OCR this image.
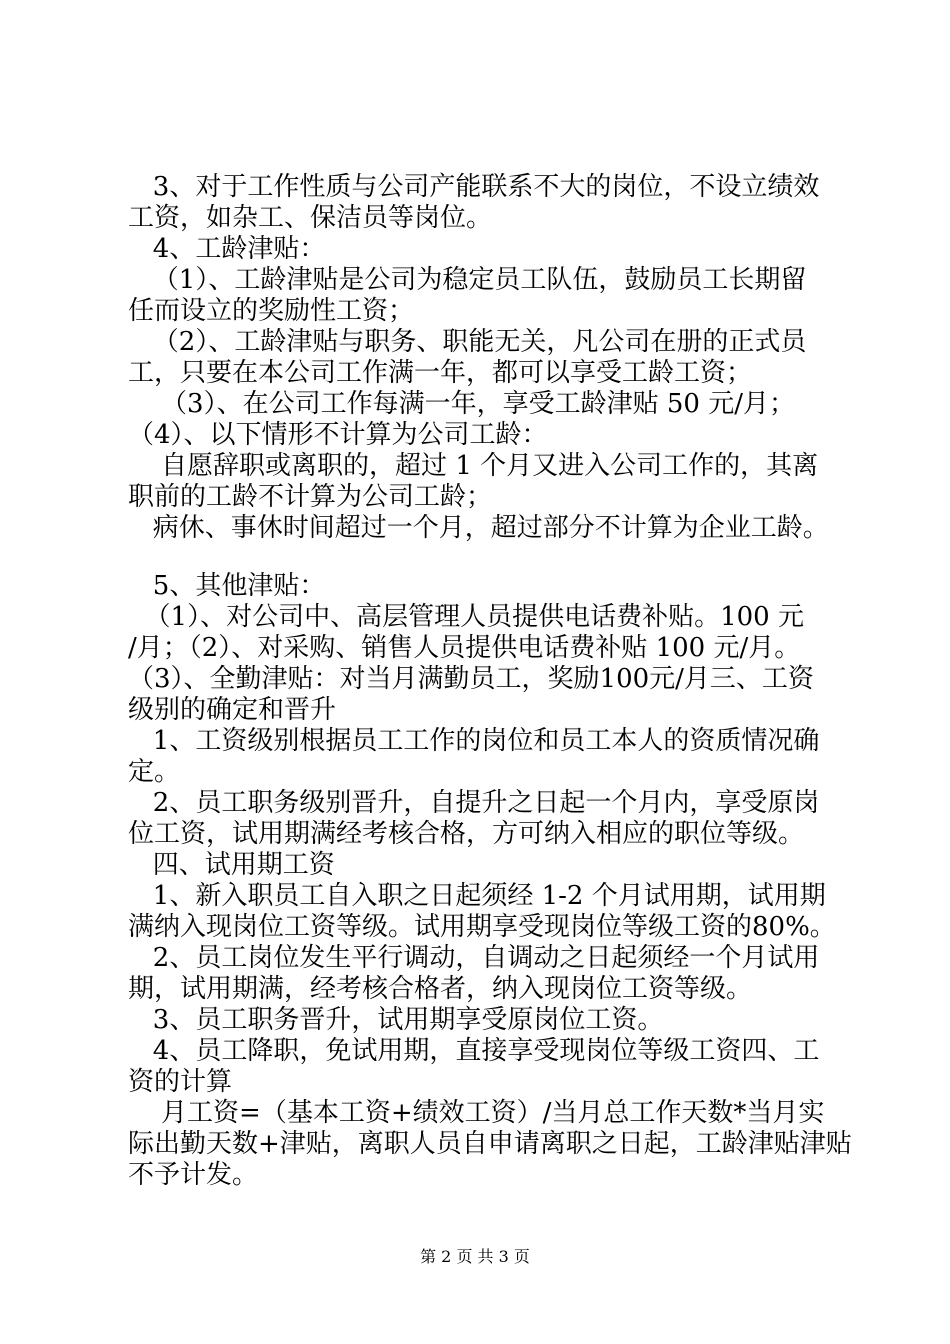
3、对于工作性质与公司产能联系不大的岗位，不设立绩效
工资，如杂工、保洁员等岗位。
4、工龄津贴：
（1）、工龄津贴是公司为稳定员工队伍，鼓励员工长期留
任而设立的奖励性工资；
（2）、工龄津贴与职务、职能无关，凡公司在册的正式员
工，只要在本公司工作满一年，都可以享受工龄工资；
（3）、在公司工作每满一年，享受工龄津贴 50 元/月；
（4）、以下情形不计算为公司工龄：
自愿辞职或离职的，超过 1 个月又进入公司工作的，其离
职前的工龄不计算为公司工龄；
病休、事休时间超过一个月，超过部分不计算为企业工龄。
5、其他津贴：
（1）、对公司中、高层管理人员提供电话费补贴。100 元
/月；（2）、对采购、销售人员提供电话费补贴 100 元/月。
（3）、全勤津贴：对当月满勤员工，奖励100元/月三、工资
级别的确定和晋升
1、工资级别根据员工工作的岗位和员工本人的资质情况确
定。
2、员工职务级别晋升，自提升之日起一个月内，享受原岗
位工资，试用期满经考核合格，方可纳入相应的职位等级。
四、试用期工资
1、新入职员工自入职之日起须经 1-2 个月试用期，试用期
满纳入现岗位工资等级。试用期享受现岗位等级工资的80%。
2、员工岗位发生平行调动，自调动之日起须经一个月试用
期，试用期满，经考核合格者，纳入现岗位工资等级。
3、员工职务晋升，试用期享受原岗位工资。
4、员工降职，免试用期，直接享受现岗位等级工资四、工
资的计算
月工资=（基本工资+绩效工资）/当月总工作天数*当月实
际出勤天数+津贴，离职人员自申请离职之日起，工龄津贴津贴
不予计发。
第 2 页 共 3 页
